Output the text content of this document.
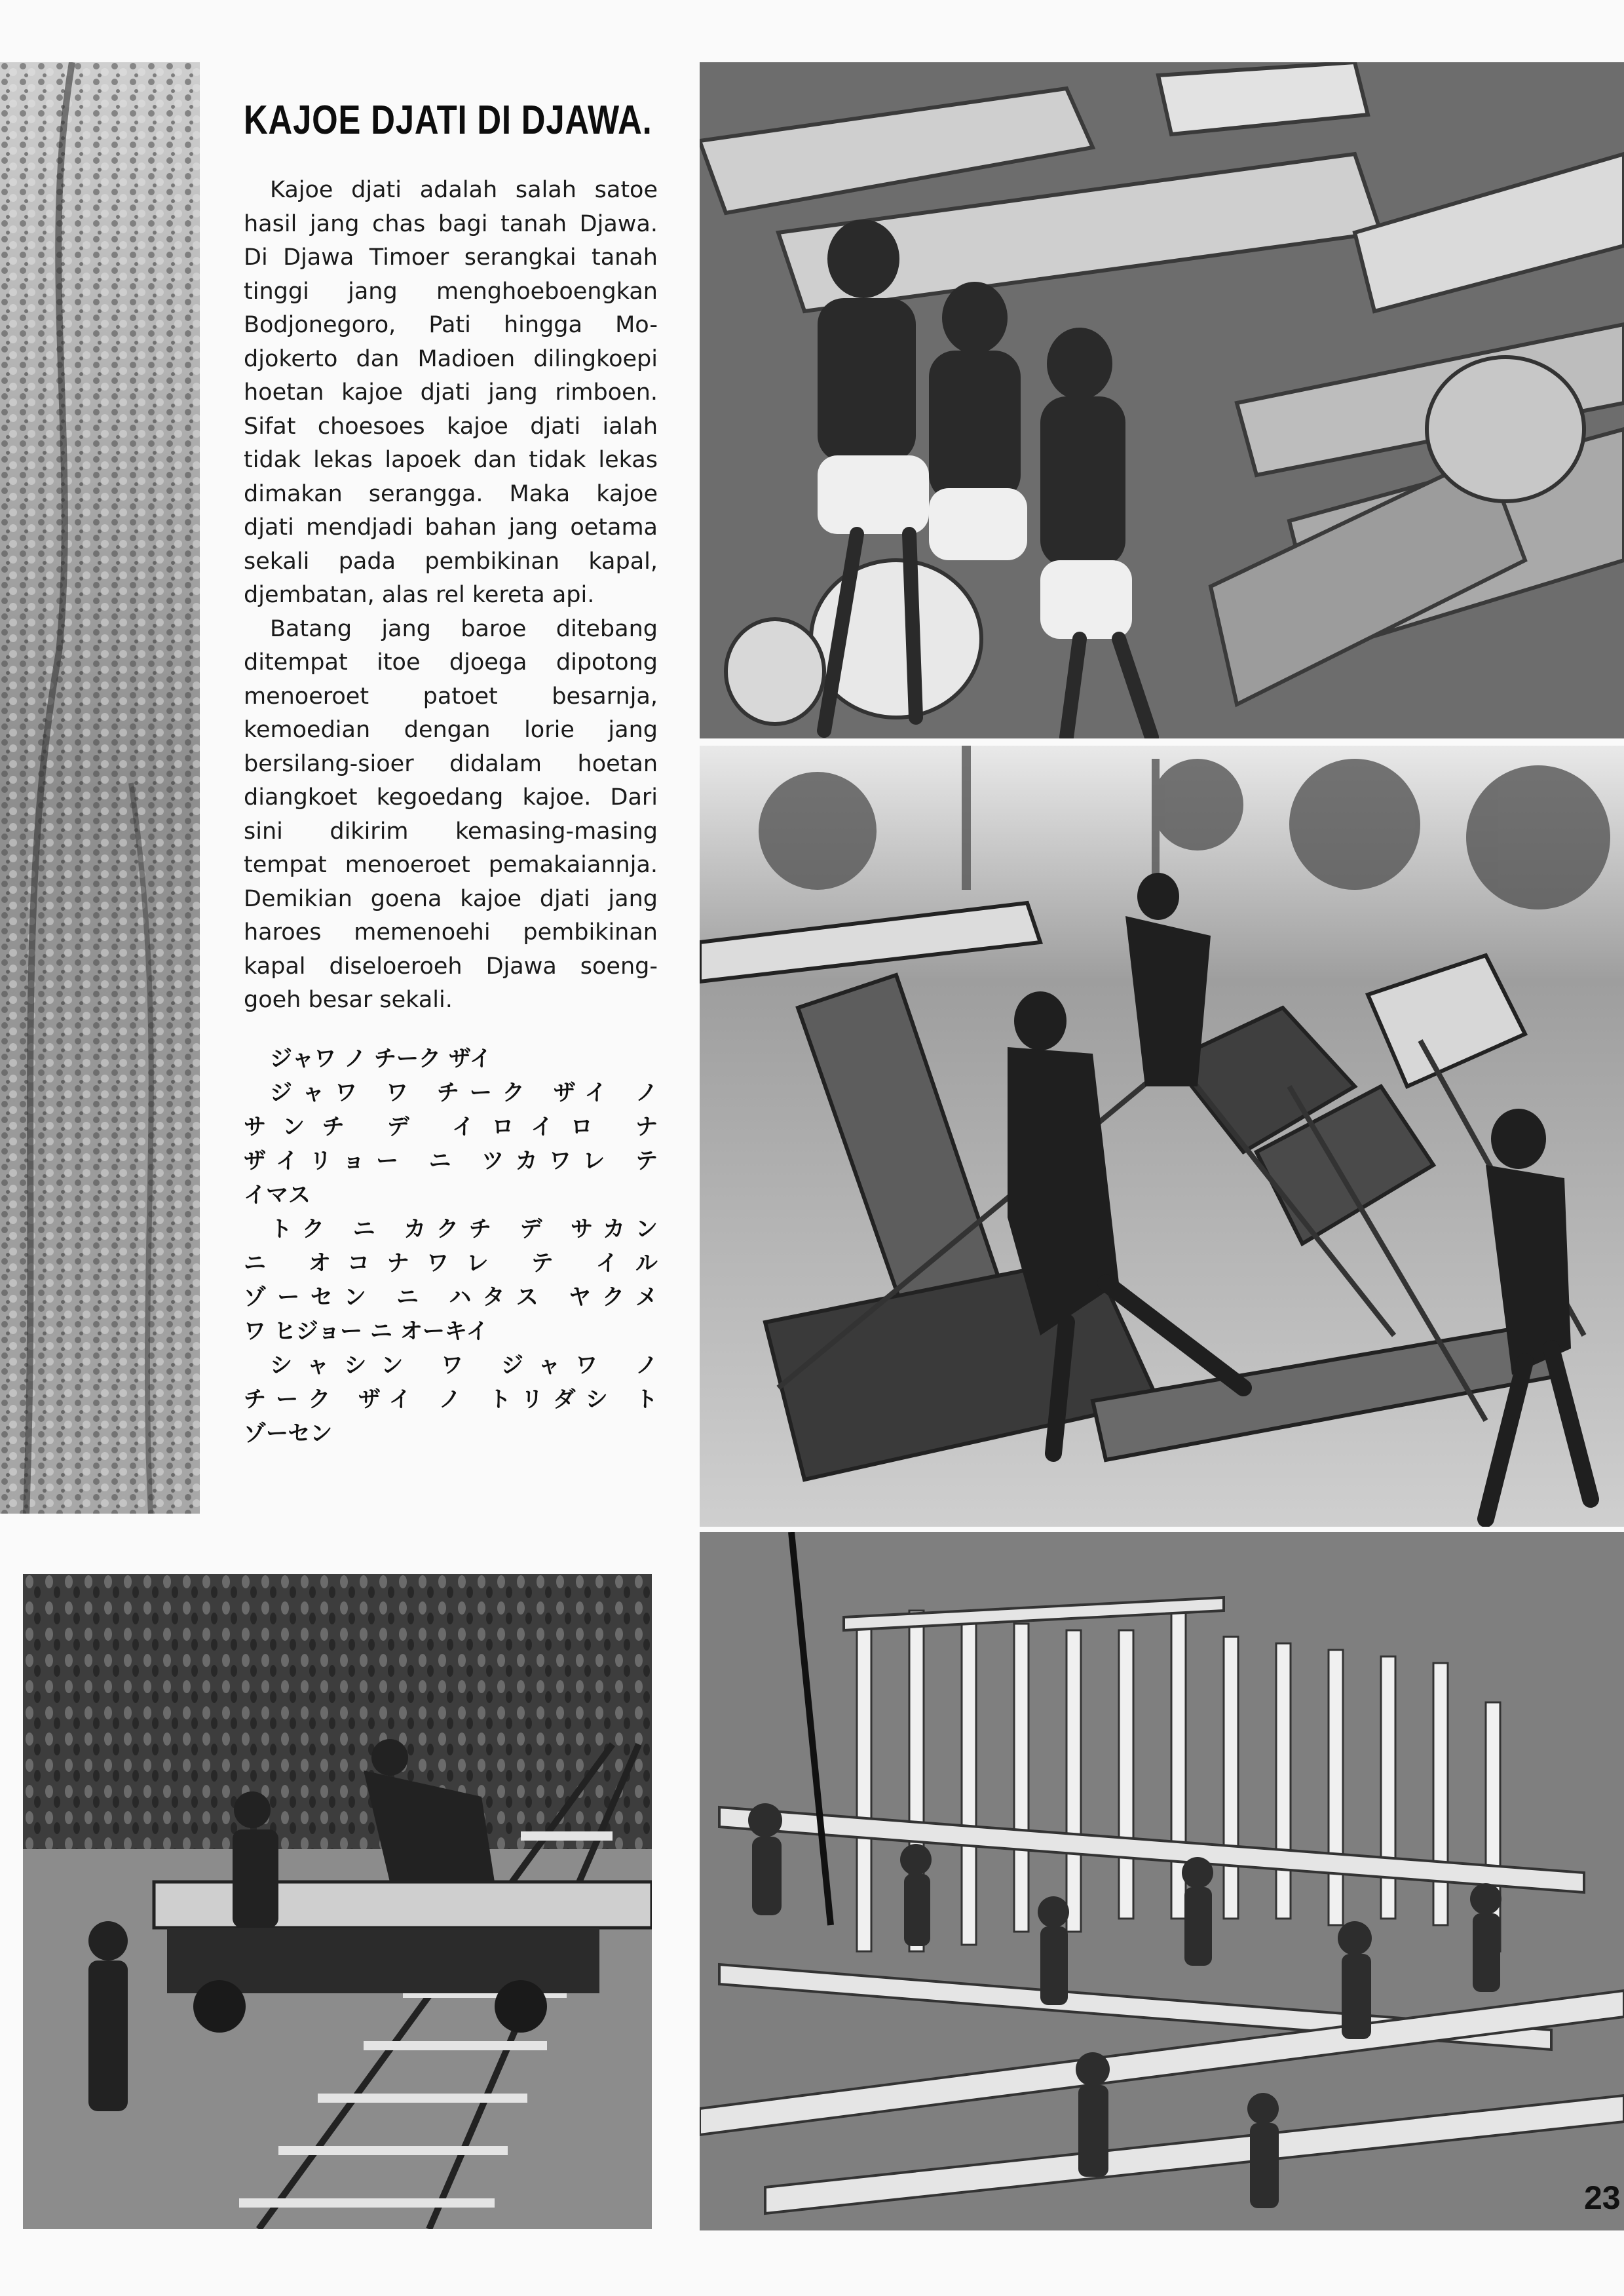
KAJOE DJATI DI DJAWA.
Kajoe djati adalah salah satoe
hasil jang chas bagi tanah Djawa.
Di Djawa Timoer serangkai tanah
tinggi jang menghoeboengkan
Bodjonegoro, Pati hingga Mo-
djokerto dan Madioen dilingkoepi
hoetan kajoe djati jang rimboen.
Sifat choesoes kajoe djati ialah
tidak lekas lapoek dan tidak lekas
dimakan serangga. Maka kajoe
djati mendjadi bahan jang oetama
sekali pada pembikinan kapal,
djembatan, alas rel kereta api.
Batang jang baroe ditebang
ditempat itoe djoega dipotong
menoeroet patoet besarnja,
kemoedian dengan lorie jang
bersilang-sioer didalam hoetan
diangkoet kegoedang kajoe. Dari
sini dikirim kemasing-masing
tempat menoeroet pemakaiannja.
Demikian goena kajoe djati jang
haroes memenoehi pembikinan
kapal diseloeroeh Djawa soeng-
goeh besar sekali.
ジャワ ノ チーク ザイ
ジャワ ワ チーク ザイ ノ
サンチ デ イロイロ ナ
ザイリョー ニ ツカワレ テ
イマス
トク ニ カクチ デ サカン
ニ オコナワレ テ イル
ゾーセン ニ ハタス ヤクメ
ワ ヒジョー ニ オーキイ
シャシン ワ ジャワ ノ
チーク ザイ ノ トリダシ ト
ゾーセン
23
